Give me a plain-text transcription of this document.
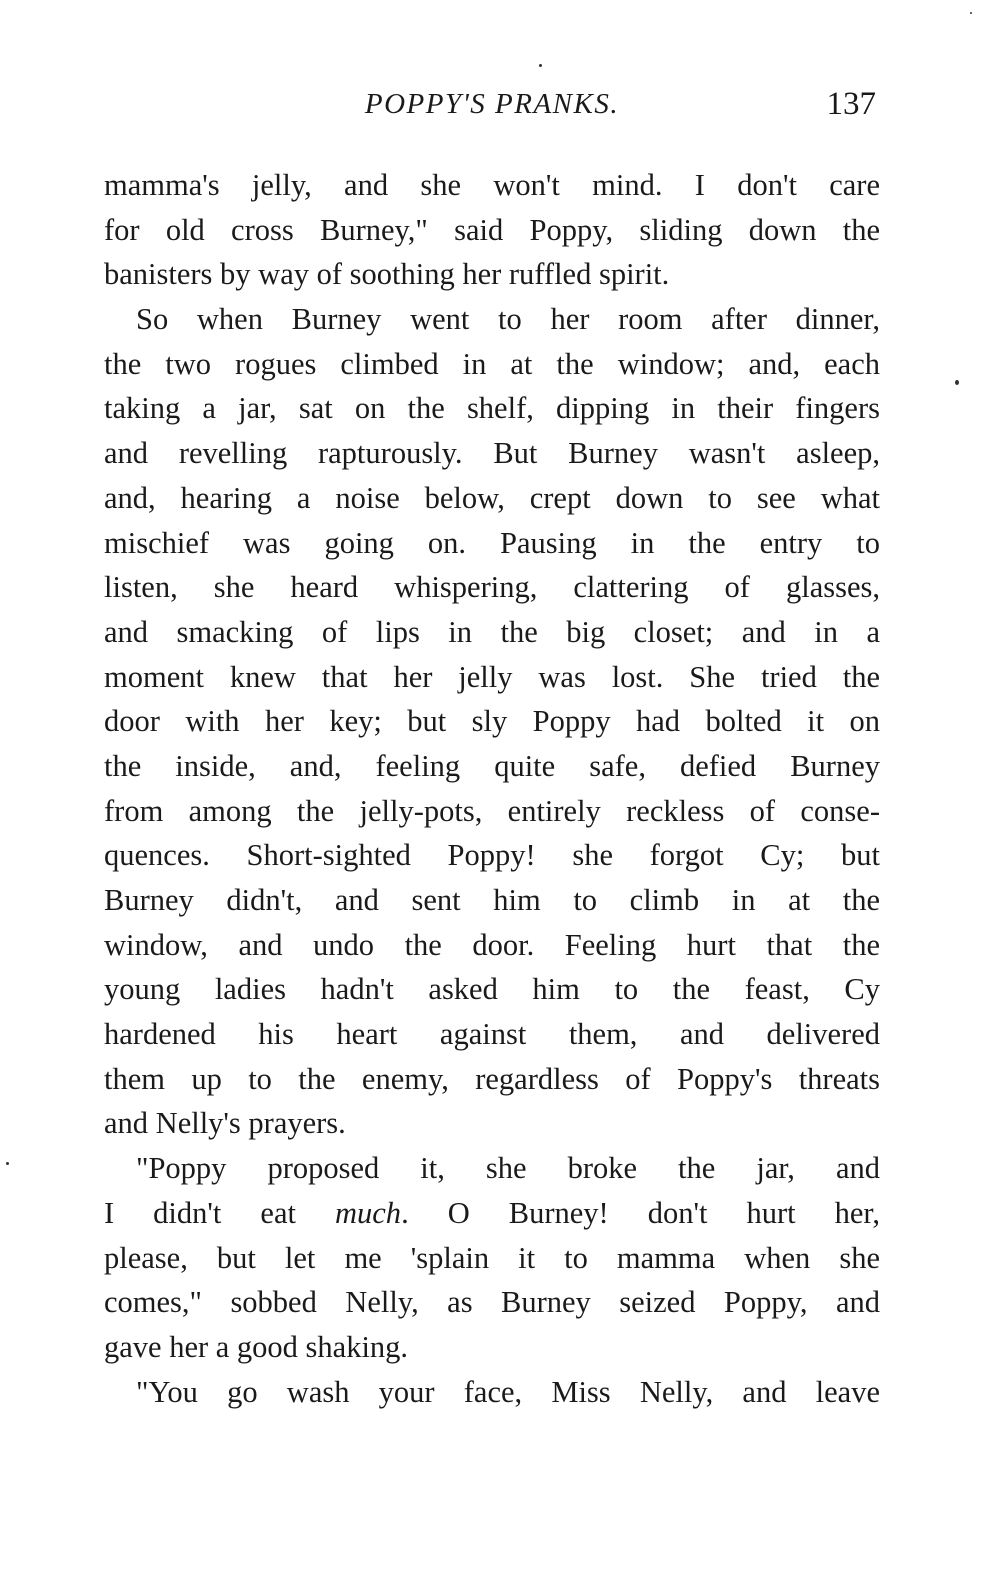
POPPY'S PRANKS.	137
mamma's jelly, and she won't mind. I don't care
for old cross Burney," said Poppy, sliding down the
banisters by way of soothing her ruffled spirit.
So when Burney went to her room after dinner,
the two rogues climbed in at the window; and, each
taking a jar, sat on the shelf, dipping in their fingers
and revelling rapturously. But Burney wasn't asleep,
and, hearing a noise below, crept down to see what
mischief was going on. Pausing in the entry to
listen, she heard whispering, clattering of glasses,
and smacking of lips in the big closet; and in a
moment knew that her jelly was lost. She tried the
door with her key; but sly Poppy had bolted it on
the inside, and, feeling quite safe, defied Burney
from among the jelly-pots, entirely reckless of conse-
quences. Short-sighted Poppy! she forgot Cy; but
Burney didn't, and sent him to climb in at the
window, and undo the door. Feeling hurt that the
young ladies hadn't asked him to the feast, Cy
hardened his heart against them, and delivered
them up to the enemy, regardless of Poppy's threats
and Nelly's prayers.
"Poppy proposed it, she broke the jar, and
I didn't eat much. O Burney! don't hurt her,
please, but let me 'splain it to mamma when she
comes," sobbed Nelly, as Burney seized Poppy, and
gave her a good shaking.
"You go wash your face, Miss Nelly, and leave
